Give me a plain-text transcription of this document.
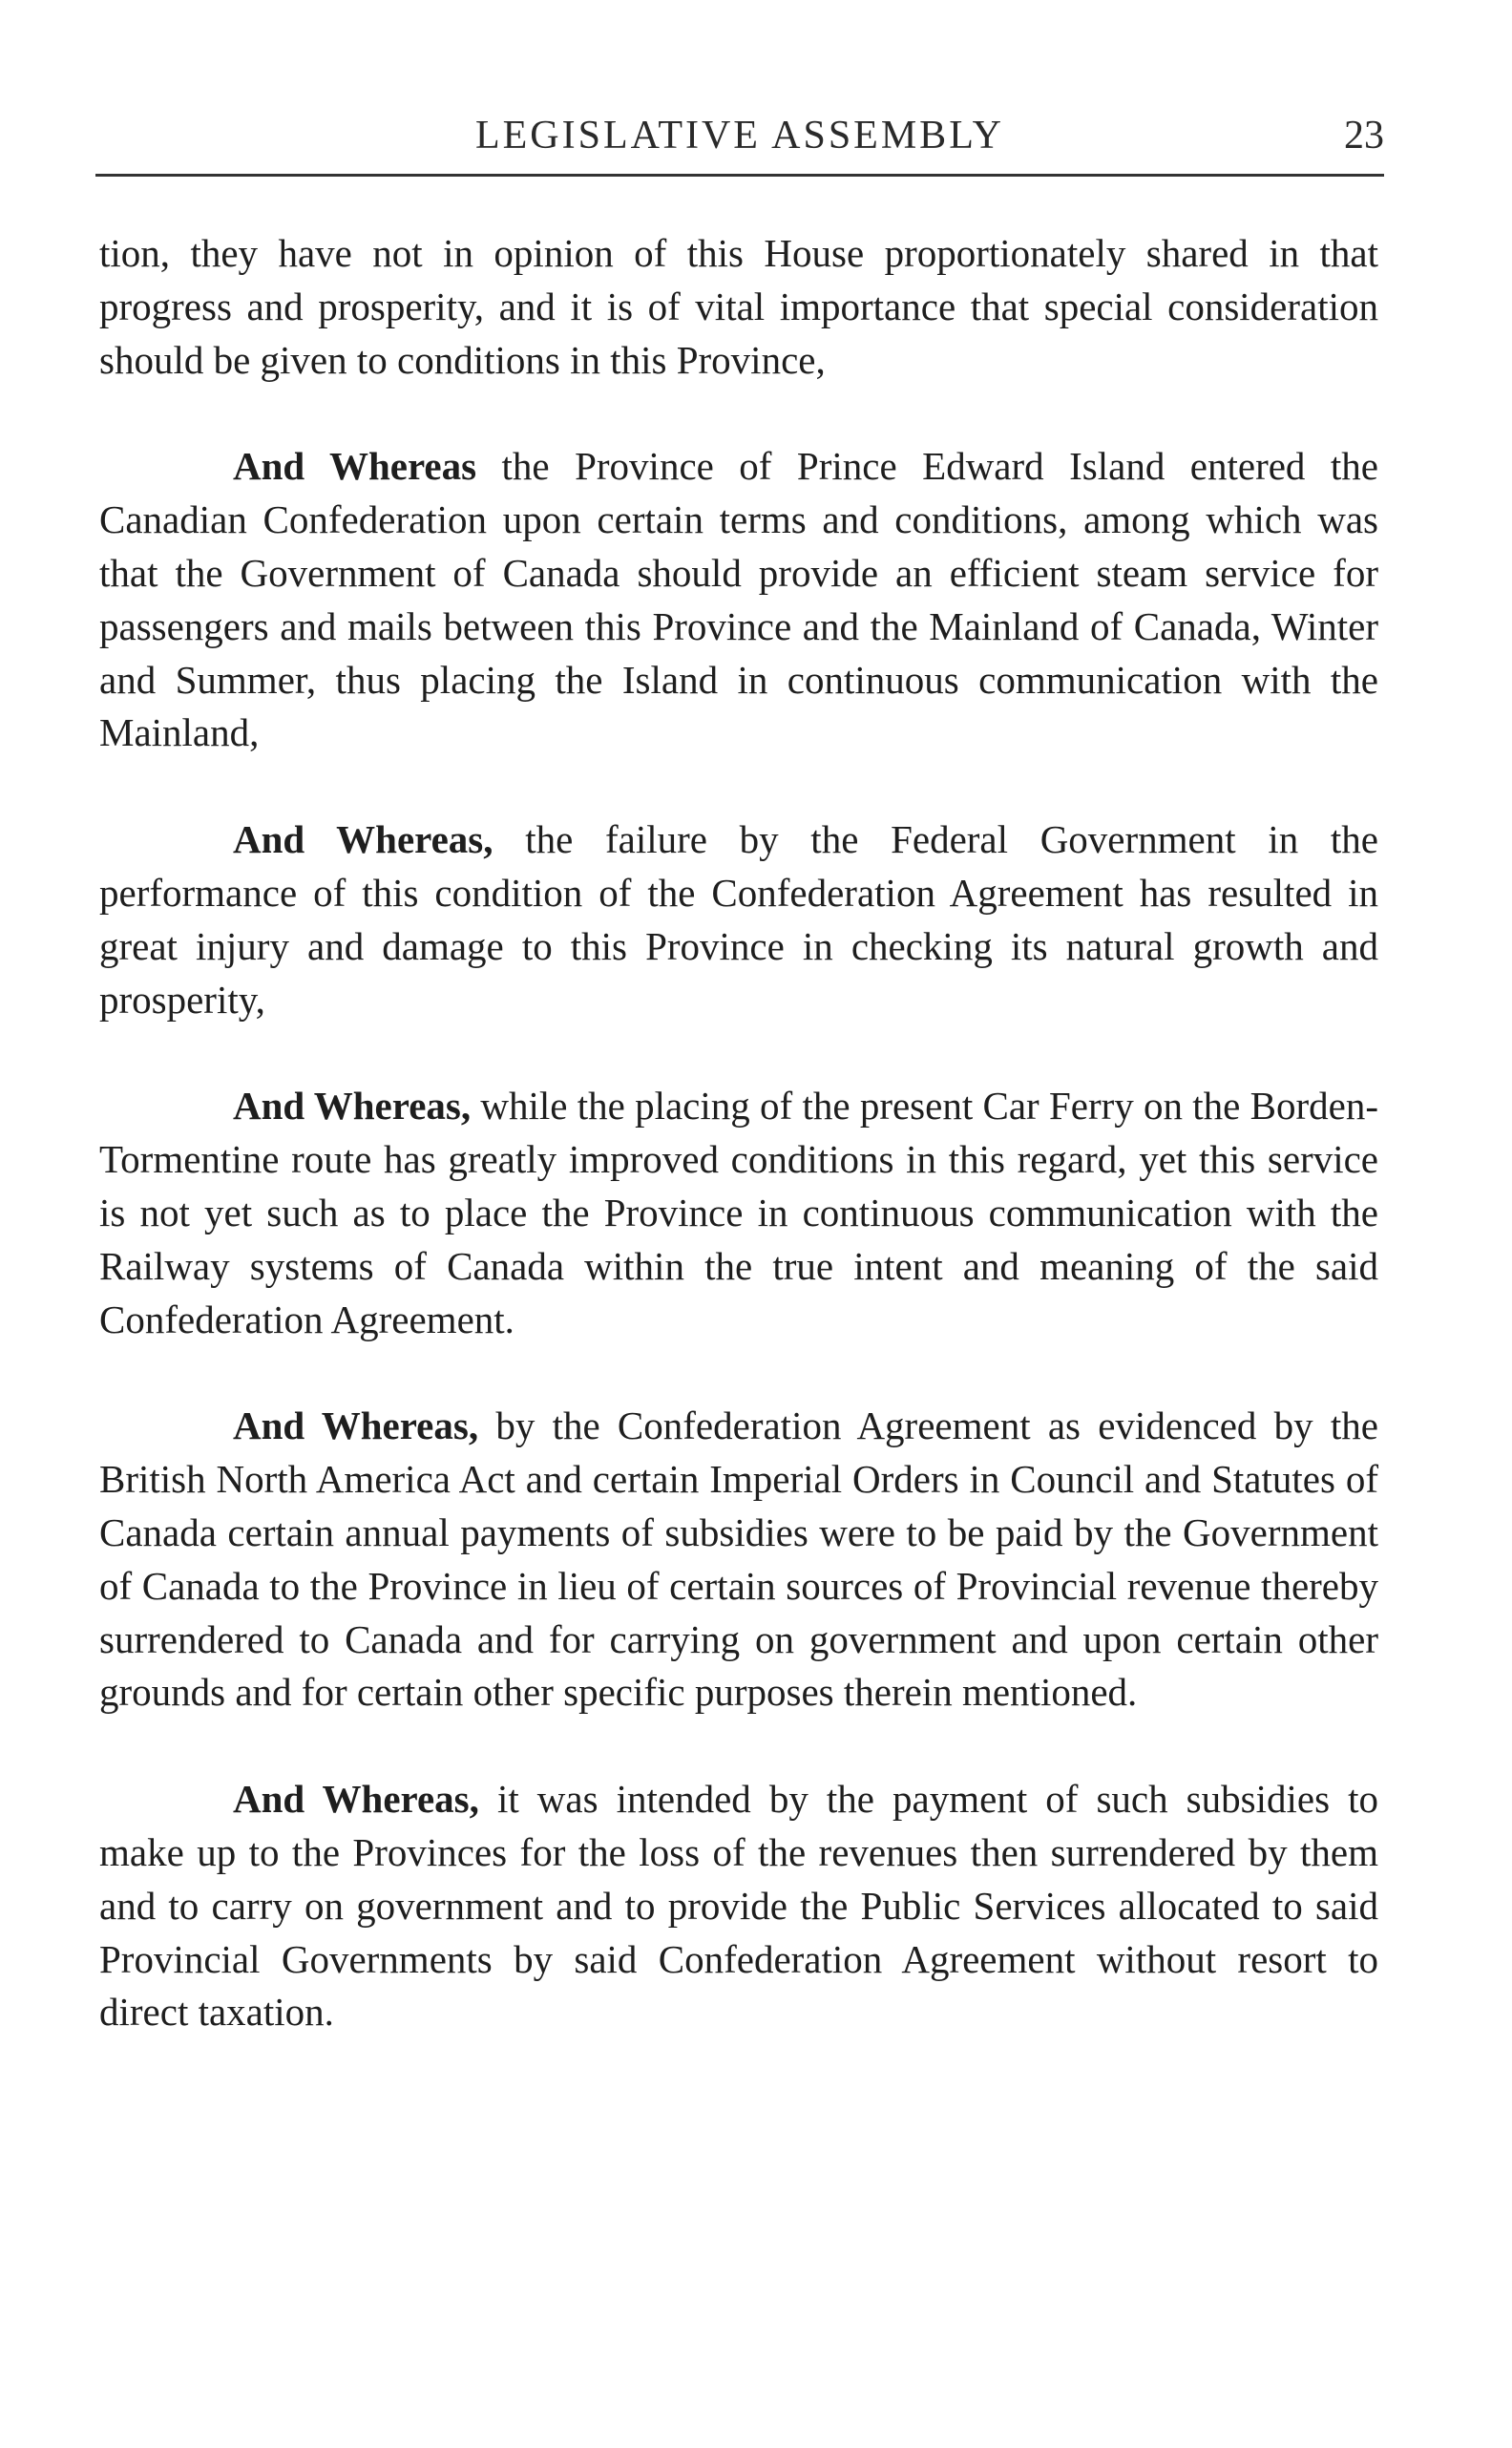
LEGISLATIVE ASSEMBLY	23

tion, they have not in opinion of this House proportionately shared in that progress and prosperity, and it is of vital importance that special consideration should be given to conditions in this Province,

And Whereas the Province of Prince Edward Island entered the Canadian Confederation upon certain terms and conditions, among which was that the Government of Canada should provide an efficient steam service for passengers and mails between this Province and the Mainland of Canada, Winter and Summer, thus placing the Island in continuous communication with the Mainland,

And Whereas, the failure by the Federal Government in the performance of this condition of the Confederation Agreement has resulted in great injury and damage to this Province in checking its natural growth and prosperity,

And Whereas, while the placing of the present Car Ferry on the Borden-Tormentine route has greatly improved conditions in this regard, yet this service is not yet such as to place the Province in continuous communication with the Railway systems of Canada within the true intent and meaning of the said Confederation Agreement.

And Whereas, by the Confederation Agreement as evidenced by the British North America Act and certain Imperial Orders in Council and Statutes of Canada certain annual payments of subsidies were to be paid by the Government of Canada to the Province in lieu of certain sources of Provincial revenue thereby surrendered to Canada and for carrying on government and upon certain other grounds and for certain other specific purposes therein mentioned.

And Whereas, it was intended by the payment of such subsidies to make up to the Provinces for the loss of the revenues then surrendered by them and to carry on government and to provide the Public Services allocated to said Provincial Governments by said Confederation Agreement without resort to direct taxation.
